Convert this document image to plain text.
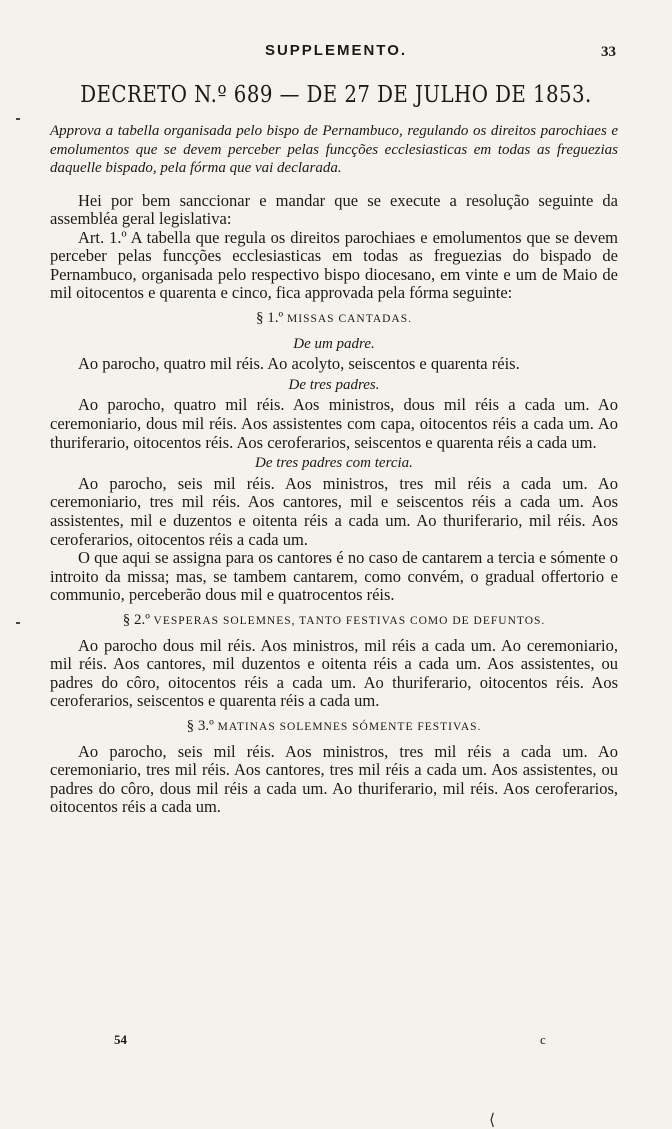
SUPPLEMENTO.	33
DECRETO N.º 689 — DE 27 DE JULHO DE 1853.

Approva a tabella organisada pelo bispo de Pernambuco, regulando os direitos parochiaes e emolumentos que se devem perceber pelas funcções ecclesiasticas em todas as freguezias daquelle bispado, pela fórma que vai declarada.

Hei por bem sanccionar e mandar que se execute a resolução seguinte da assembléa geral legislativa:

Art. 1.º A tabella que regula os direitos parochiaes e emolumentos que se devem perceber pelas funcções ecclesiasticas em todas as freguezias do bispado de Pernambuco, organisada pelo respectivo bispo diocesano, em vinte e um de Maio de mil oitocentos e quarenta e cinco, fica approvada pela fórma seguinte:

§ 1.º MISSAS CANTADAS.

De um padre.

Ao parocho, quatro mil réis. Ao acolyto, seiscentos e quarenta réis.

De tres padres.

Ao parocho, quatro mil réis. Aos ministros, dous mil réis a cada um. Ao ceremoniario, dous mil réis. Aos assistentes com capa, oitocentos réis a cada um. Ao thuriferario, oitocentos réis. Aos ceroferarios, seiscentos e quarenta réis a cada um.

De tres padres com tercia.

Ao parocho, seis mil réis. Aos ministros, tres mil réis a cada um. Ao ceremoniario, tres mil réis. Aos cantores, mil e seiscentos réis a cada um. Aos assistentes, mil e duzentos e oitenta réis a cada um. Ao thuriferario, mil réis. Aos ceroferarios, oitocentos réis a cada um.

O que aqui se assigna para os cantores é no caso de cantarem a tercia e sómente o introito da missa; mas, se tambem cantarem, como convém, o gradual offertorio e communio, perceberão dous mil e quatrocentos réis.

§ 2.º VESPERAS SOLEMNES, TANTO FESTIVAS COMO DE DEFUNTOS.

Ao parocho dous mil réis. Aos ministros, mil réis a cada um. Ao ceremoniario, mil réis. Aos cantores, mil duzentos e oitenta réis a cada um. Aos assistentes, ou padres do côro, oitocentos réis a cada um. Ao thuriferario, oitocentos réis. Aos ceroferarios, seiscentos e quarenta réis a cada um.

§ 3.º MATINAS SOLEMNES SÓMENTE FESTIVAS.

Ao parocho, seis mil réis. Aos ministros, tres mil réis a cada um. Ao ceremoniario, tres mil réis. Aos cantores, tres mil réis a cada um. Aos assistentes, ou padres do côro, dous mil réis a cada um. Ao thuriferario, mil réis. Aos ceroferarios, oitocentos réis a cada um.

54	c
⟨
